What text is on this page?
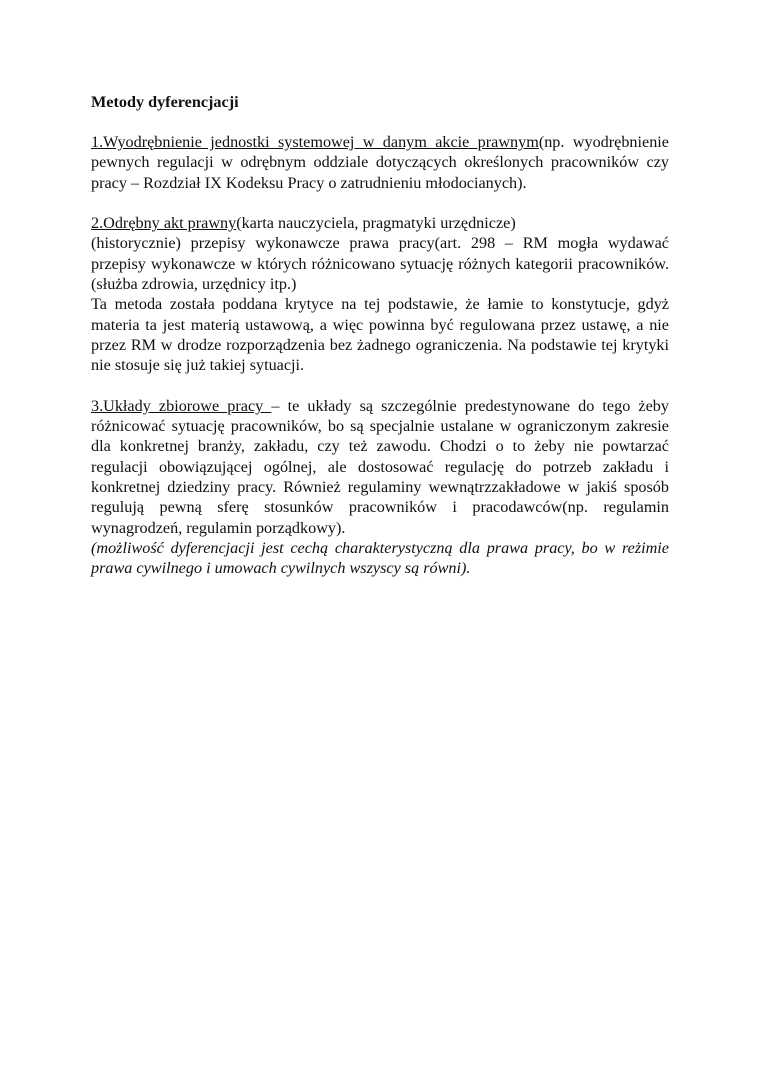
Metody dyferencjacji

1.Wyodrębnienie jednostki systemowej w danym akcie prawnym(np. wyodrębnienie pewnych regulacji w odrębnym oddziale dotyczących określonych pracowników czy pracy – Rozdział IX Kodeksu Pracy o zatrudnieniu młodocianych).

2.Odrębny akt prawny(karta nauczyciela, pragmatyki urzędnicze)

(historycznie) przepisy wykonawcze prawa pracy(art. 298 – RM mogła wydawać przepisy wykonawcze w których różnicowano sytuację różnych kategorii pracowników. (służba zdrowia, urzędnicy itp.)

Ta metoda została poddana krytyce na tej podstawie, że łamie to konstytucje, gdyż materia ta jest materią ustawową, a więc powinna być regulowana przez ustawę, a nie przez RM w drodze rozporządzenia bez żadnego ograniczenia. Na podstawie tej krytyki nie stosuje się już takiej sytuacji.

3.Układy zbiorowe pracy – te układy są szczególnie predestynowane do tego żeby różnicować sytuację pracowników, bo są specjalnie ustalane w ograniczonym zakresie dla konkretnej branży, zakładu, czy też zawodu. Chodzi o to żeby nie powtarzać regulacji obowiązującej ogólnej, ale dostosować regulację do potrzeb zakładu i konkretnej dziedziny pracy. Również regulaminy wewnątrzzakładowe w jakiś sposób regulują pewną sferę stosunków pracowników i pracodawców(np. regulamin wynagrodzeń, regulamin porządkowy).

(możliwość dyferencjacji jest cechą charakterystyczną dla prawa pracy, bo w reżimie prawa cywilnego i umowach cywilnych wszyscy są równi).
